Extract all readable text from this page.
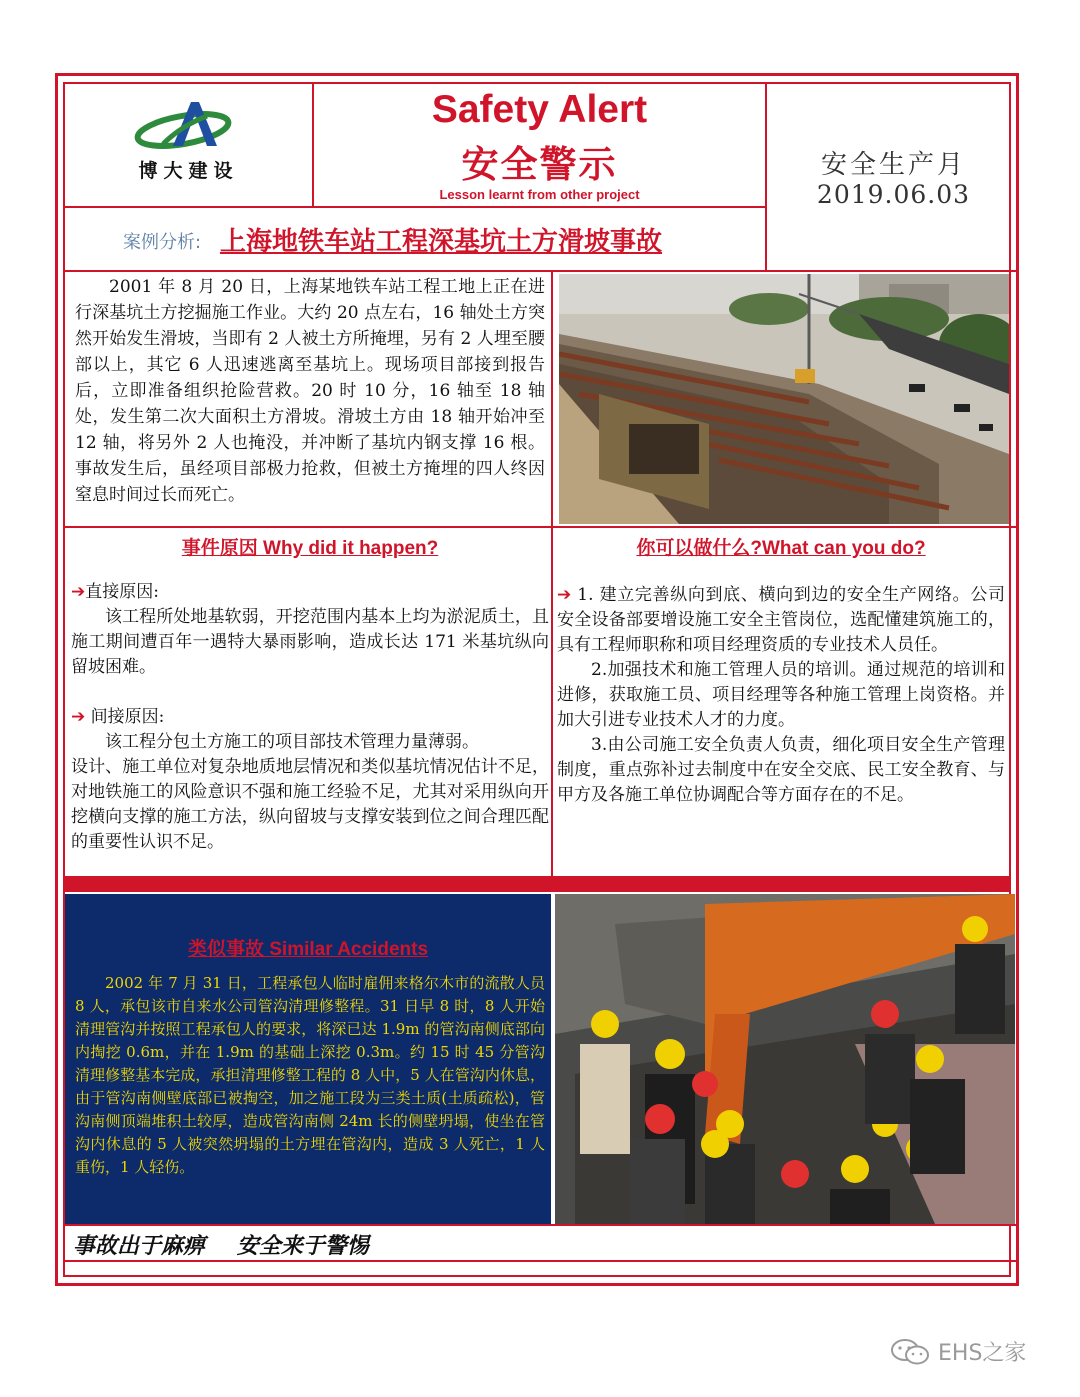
博大建设
Safety Alert
安全警示
Lesson learnt from other project
安全生产月
2019.06.03
案例分析: 上海地铁车站工程深基坑土方滑坡事故

2001 年 8 月 20 日，上海某地铁车站工程工地上正在进行深基坑土方挖掘施工作业。大约 20 点左右，16 轴处土方突然开始发生滑坡，当即有 2 人被土方所掩埋，另有 2 人埋至腰部以上，其它 6 人迅速逃离至基坑上。现场项目部接到报告后，立即准备组织抢险营救。20 时 10 分，16 轴至 18 轴处，发生第二次大面积土方滑坡。滑坡土方由 18 轴开始冲至 12 轴，将另外 2 人也掩没，并冲断了基坑内钢支撑 16 根。事故发生后，虽经项目部极力抢救，但被土方掩埋的四人终因窒息时间过长而死亡。

事件原因 Why did it happen?

➔直接原因:

该工程所处地基软弱，开挖范围内基本上均为淤泥质土，且施工期间遭百年一遇特大暴雨影响，造成长达 171 米基坑纵向留坡困难。

➔ 间接原因:

该工程分包土方施工的项目部技术管理力量薄弱。

设计、施工单位对复杂地质地层情况和类似基坑情况估计不足，对地铁施工的风险意识不强和施工经验不足，尤其对采用纵向开挖横向支撑的施工方法，纵向留坡与支撑安装到位之间合理匹配的重要性认识不足。

你可以做什么?What can you do?

➔ 1. 建立完善纵向到底、横向到边的安全生产网络。公司安全设备部要增设施工安全主管岗位，选配懂建筑施工的，具有工程师职称和项目经理资质的专业技术人员任。

2.加强技术和施工管理人员的培训。通过规范的培训和进修，获取施工员、项目经理等各种施工管理上岗资格。并加大引进专业技术人才的力度。

3.由公司施工安全负责人负责，细化项目安全生产管理制度，重点弥补过去制度中在安全交底、民工安全教育、与甲方及各施工单位协调配合等方面存在的不足。

类似事故 Similar Accidents

2002 年 7 月 31 日，工程承包人临时雇佣来格尔木市的流散人员 8 人，承包该市自来水公司管沟清理修整程。31 日早 8 时，8 人开始清理管沟并按照工程承包人的要求，将深已达 1.9m 的管沟南侧底部向内掏挖 0.6m，并在 1.9m 的基础上深挖 0.3m。约 15 时 45 分管沟清理修整基本完成，承担清理修整工程的 8 人中，5 人在管沟内休息，由于管沟南侧壁底部已被掏空，加之施工段为三类土质(土质疏松)，管沟南侧顶端堆积土较厚，造成管沟南侧 24m 长的侧壁坍塌，使坐在管沟内休息的 5 人被突然坍塌的土方埋在管沟内，造成 3 人死亡，1 人重伤，1 人轻伤。

事故出于麻痹 安全来于警惕
EHS之家
